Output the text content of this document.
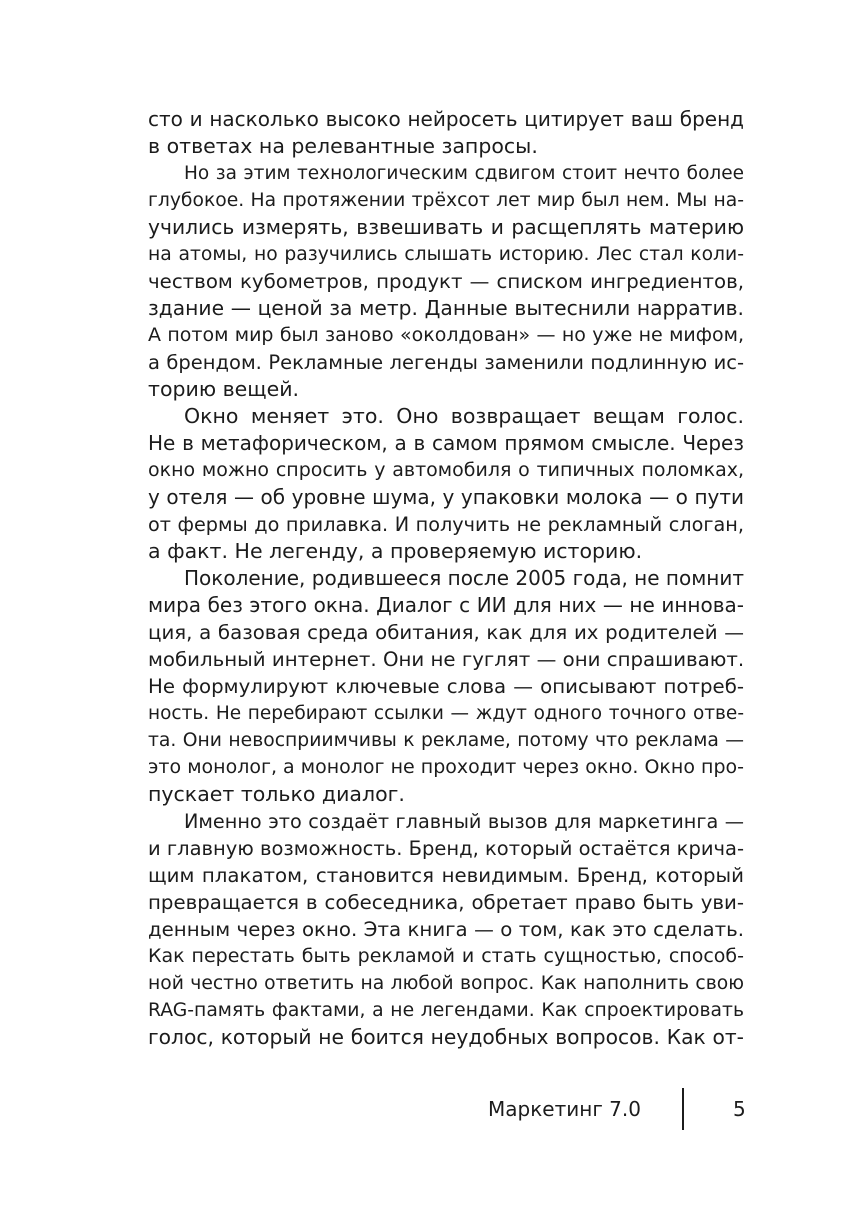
сто и насколько высоко нейросеть цитирует ваш бренд
в ответах на релевантные запросы.
Но за этим технологическим сдвигом стоит нечто более
глубокое. На протяжении трёхсот лет мир был нем. Мы на-
учились измерять, взвешивать и расщеплять материю
на атомы, но разучились слышать историю. Лес стал коли-
чеством кубометров, продукт — списком ингредиентов,
здание — ценой за метр. Данные вытеснили нарратив.
А потом мир был заново «околдован» — но уже не мифом,
а брендом. Рекламные легенды заменили подлинную ис-
торию вещей.
Окно меняет это. Оно возвращает вещам голос.
Не в метафорическом, а в самом прямом смысле. Через
окно можно спросить у автомобиля о типичных поломках,
у отеля — об уровне шума, у упаковки молока — о пути
от фермы до прилавка. И получить не рекламный слоган,
а факт. Не легенду, а проверяемую историю.
Поколение, родившееся после 2005 года, не помнит
мира без этого окна. Диалог с ИИ для них — не иннова-
ция, а базовая среда обитания, как для их родителей —
мобильный интернет. Они не гуглят — они спрашивают.
Не формулируют ключевые слова — описывают потреб-
ность. Не перебирают ссылки — ждут одного точного отве-
та. Они невосприимчивы к рекламе, потому что реклама —
это монолог, а монолог не проходит через окно. Окно про-
пускает только диалог.
Именно это создаёт главный вызов для маркетинга —
и главную возможность. Бренд, который остаётся крича-
щим плакатом, становится невидимым. Бренд, который
превращается в собеседника, обретает право быть уви-
денным через окно. Эта книга — о том, как это сделать.
Как перестать быть рекламой и стать сущностью, способ-
ной честно ответить на любой вопрос. Как наполнить свою
RAG-память фактами, а не легендами. Как спроектировать
голос, который не боится неудобных вопросов. Как от-
Маркетинг 7.0	5
